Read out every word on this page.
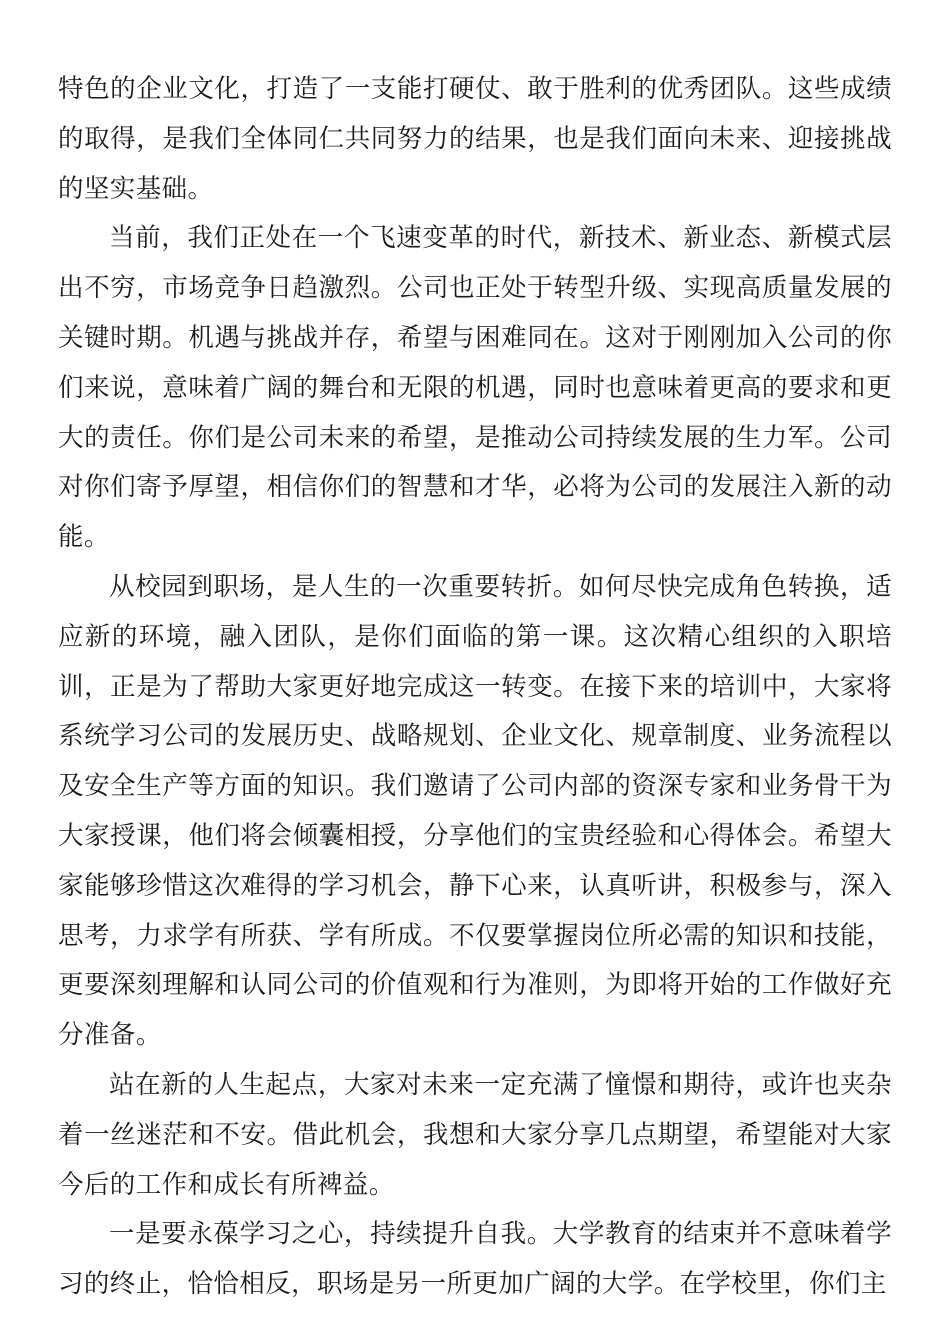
特色的企业文化，打造了一支能打硬仗、敢于胜利的优秀团队。这些成绩的取得，是我们全体同仁共同努力的结果，也是我们面向未来、迎接挑战的坚实基础。

当前，我们正处在一个飞速变革的时代，新技术、新业态、新模式层出不穷，市场竞争日趋激烈。公司也正处于转型升级、实现高质量发展的关键时期。机遇与挑战并存，希望与困难同在。这对于刚刚加入公司的你们来说，意味着广阔的舞台和无限的机遇，同时也意味着更高的要求和更大的责任。你们是公司未来的希望，是推动公司持续发展的生力军。公司对你们寄予厚望，相信你们的智慧和才华，必将为公司的发展注入新的动能。

从校园到职场，是人生的一次重要转折。如何尽快完成角色转换，适应新的环境，融入团队，是你们面临的第一课。这次精心组织的入职培训，正是为了帮助大家更好地完成这一转变。在接下来的培训中，大家将系统学习公司的发展历史、战略规划、企业文化、规章制度、业务流程以及安全生产等方面的知识。我们邀请了公司内部的资深专家和业务骨干为大家授课，他们将会倾囊相授，分享他们的宝贵经验和心得体会。希望大家能够珍惜这次难得的学习机会，静下心来，认真听讲，积极参与，深入思考，力求学有所获、学有所成。不仅要掌握岗位所必需的知识和技能，更要深刻理解和认同公司的价值观和行为准则，为即将开始的工作做好充分准备。

站在新的人生起点，大家对未来一定充满了憧憬和期待，或许也夹杂着一丝迷茫和不安。借此机会，我想和大家分享几点期望，希望能对大家今后的工作和成长有所裨益。

一是要永葆学习之心，持续提升自我。大学教育的结束并不意味着学习的终止，恰恰相反，职场是另一所更加广阔的大学。在学校里，你们主
